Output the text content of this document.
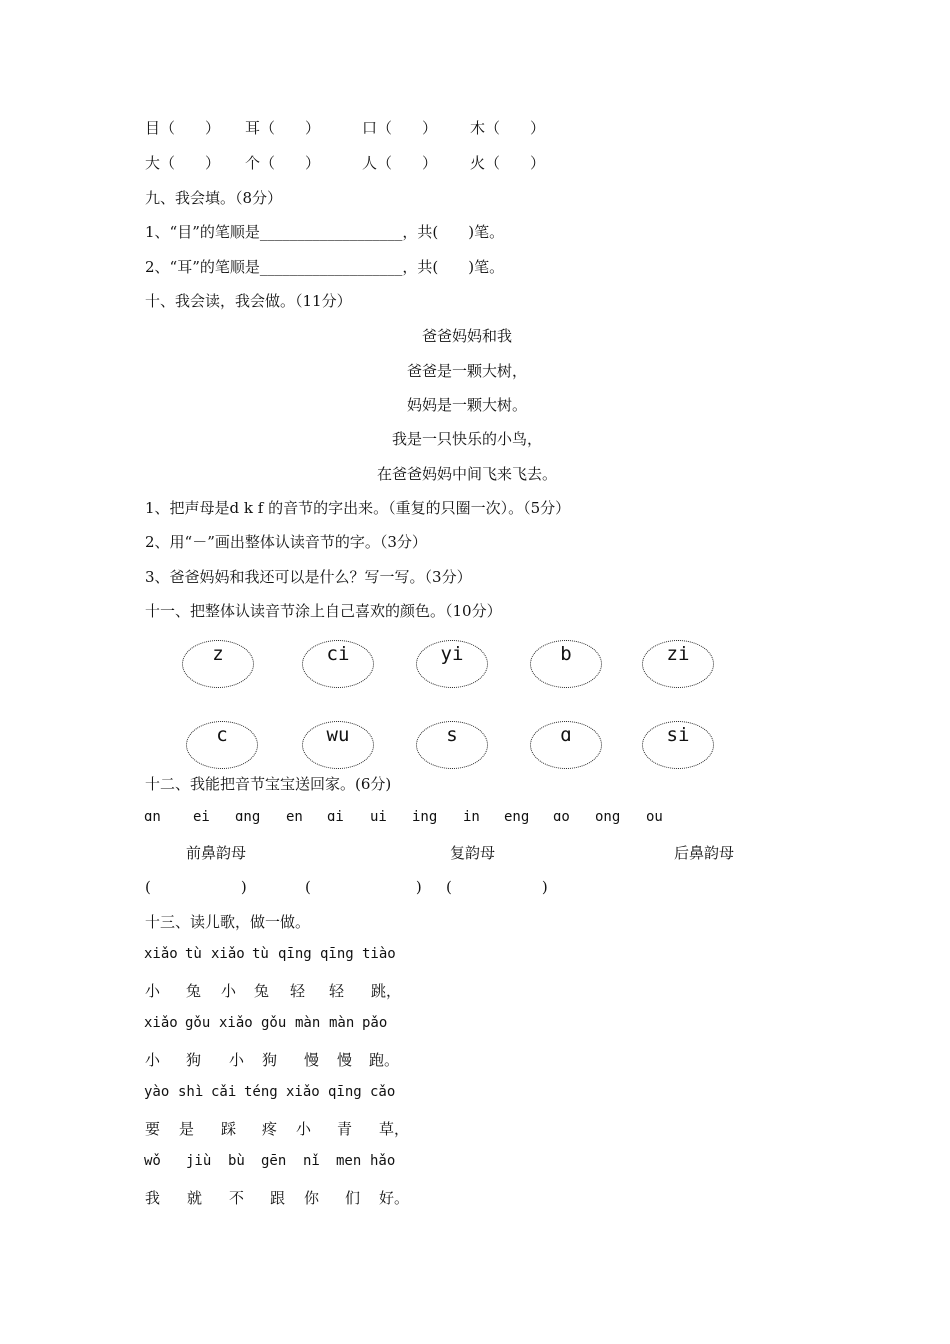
目（　　） 耳（　　）	口（　　） 木（　　）
大（　　） 个（　　）	人（　　） 火（　　）
九、我会填。（8分）
1、“目”的笔顺是___________________，共(　　)笔。
2、“耳”的笔顺是___________________，共(　　)笔。
十、我会读，我会做。（11分）
爸爸妈妈和我
爸爸是一颗大树，
妈妈是一颗大树。
我是一只快乐的小鸟，
在爸爸妈妈中间飞来飞去。
1、把声母是d k f 的音节的字出来。（重复的只圈一次）。（5分）
2、用“－”画出整体认读音节的字。（3分）
3、爸爸妈妈和我还可以是什么？写一写。（3分）
十一、把整体认读音节涂上自己喜欢的颜色。（10分）
z	ci	yi	b	zi
c	wu	s	ɑ	si
十二、我能把音节宝宝送回家。(6分)
ɑn ei ɑng en ɑi ui ing in eng ɑo ong ou
前鼻韵母	复韵母	后鼻韵母
(　　　　　　)	(　　　　　　　) (　　　　　　)
十三、读儿歌，做一做。
xiǎo tù xiǎo tù qīng qīng tiào
小 兔 小 兔 轻 轻 跳，
xiǎo gǒu xiǎo gǒu màn màn pǎo
小 狗 小 狗 慢 慢 跑。
yào shì cǎi téng xiǎo qīng cǎo
要 是 踩 疼 小 青 草，
wǒ jiù bù gēn nǐ men hǎo
我 就 不 跟 你 们 好。
